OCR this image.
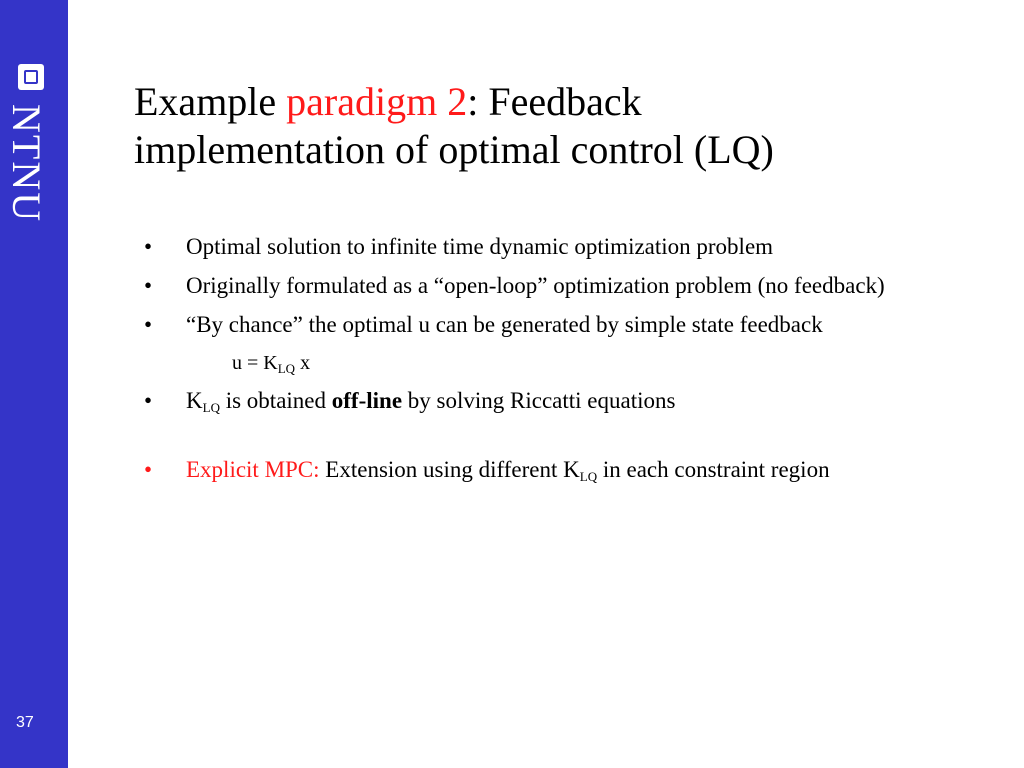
NTNU
37
Example paradigm 2: Feedback
implementation of optimal control (LQ)
• Optimal solution to infinite time dynamic optimization problem
• Originally formulated as a “open-loop” optimization problem (no feedback)
• “By chance” the optimal u can be generated by simple state feedback
$u = K_{LQ}$ x
• $K_{LQ}$ is obtained off-line by solving Riccatti equations
• Explicit MPC: Extension using different $K_{LQ}$ in each constraint region
